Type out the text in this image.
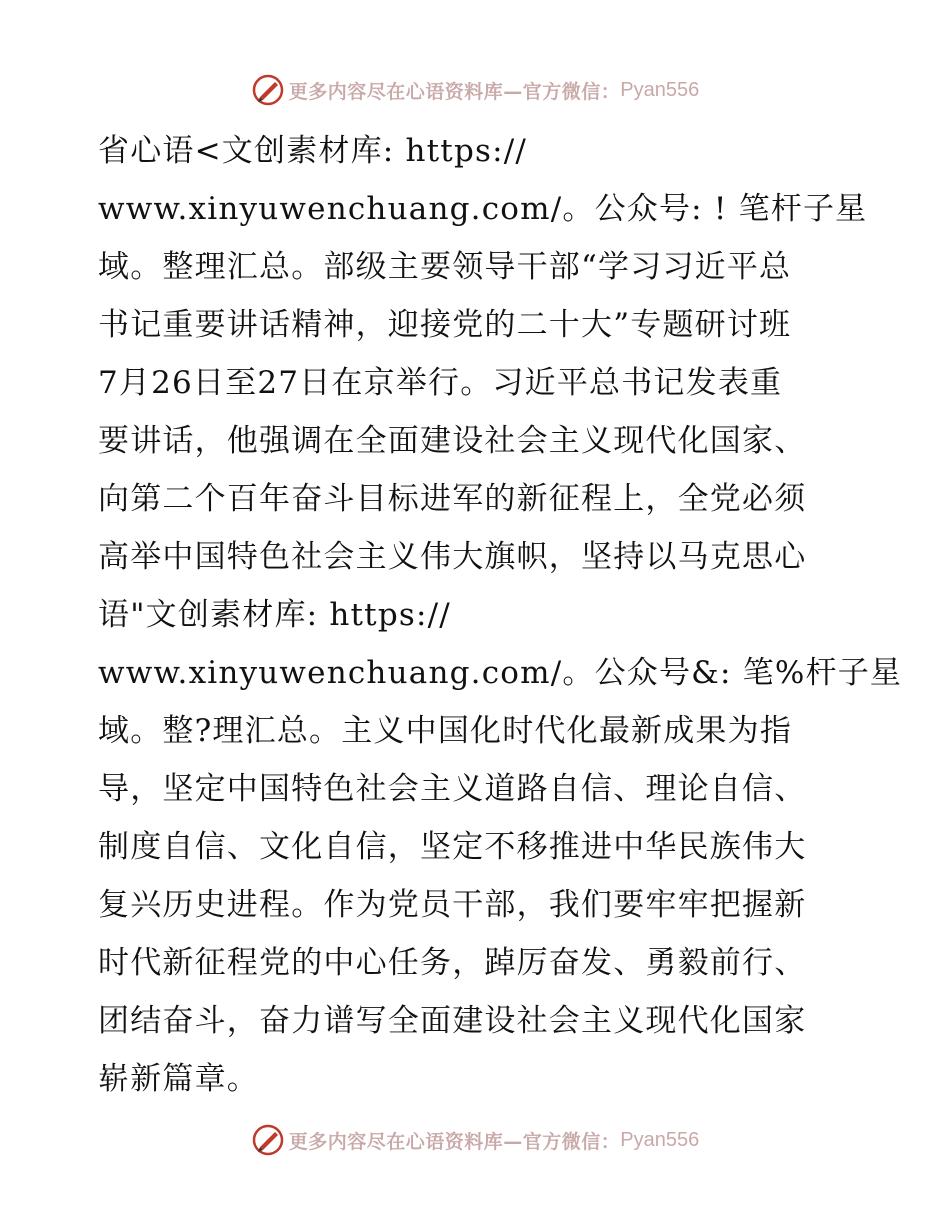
更多内容尽在心语资料库—官方微信： Pyan556
省心语<文创素材库: https://
www.xinyuwenchuang.com/。公众号: ! 笔杆子星
域。整理汇总。部级主要领导干部“学习习近平总
书记重要讲话精神，迎接党的二十大”专题研讨班
7月26日至27日在京举行。习近平总书记发表重
要讲话，他强调在全面建设社会主义现代化国家、
向第二个百年奋斗目标进军的新征程上，全党必须
高举中国特色社会主义伟大旗帜，坚持以马克思心
语"文创素材库: https://
www.xinyuwenchuang.com/。公众号&: 笔%杆子星
域。整?理汇总。主义中国化时代化最新成果为指
导，坚定中国特色社会主义道路自信、理论自信、
制度自信、文化自信，坚定不移推进中华民族伟大
复兴历史进程。作为党员干部，我们要牢牢把握新
时代新征程党的中心任务，踔厉奋发、勇毅前行、
团结奋斗，奋力谱写全面建设社会主义现代化国家
崭新篇章。
更多内容尽在心语资料库—官方微信： Pyan556
